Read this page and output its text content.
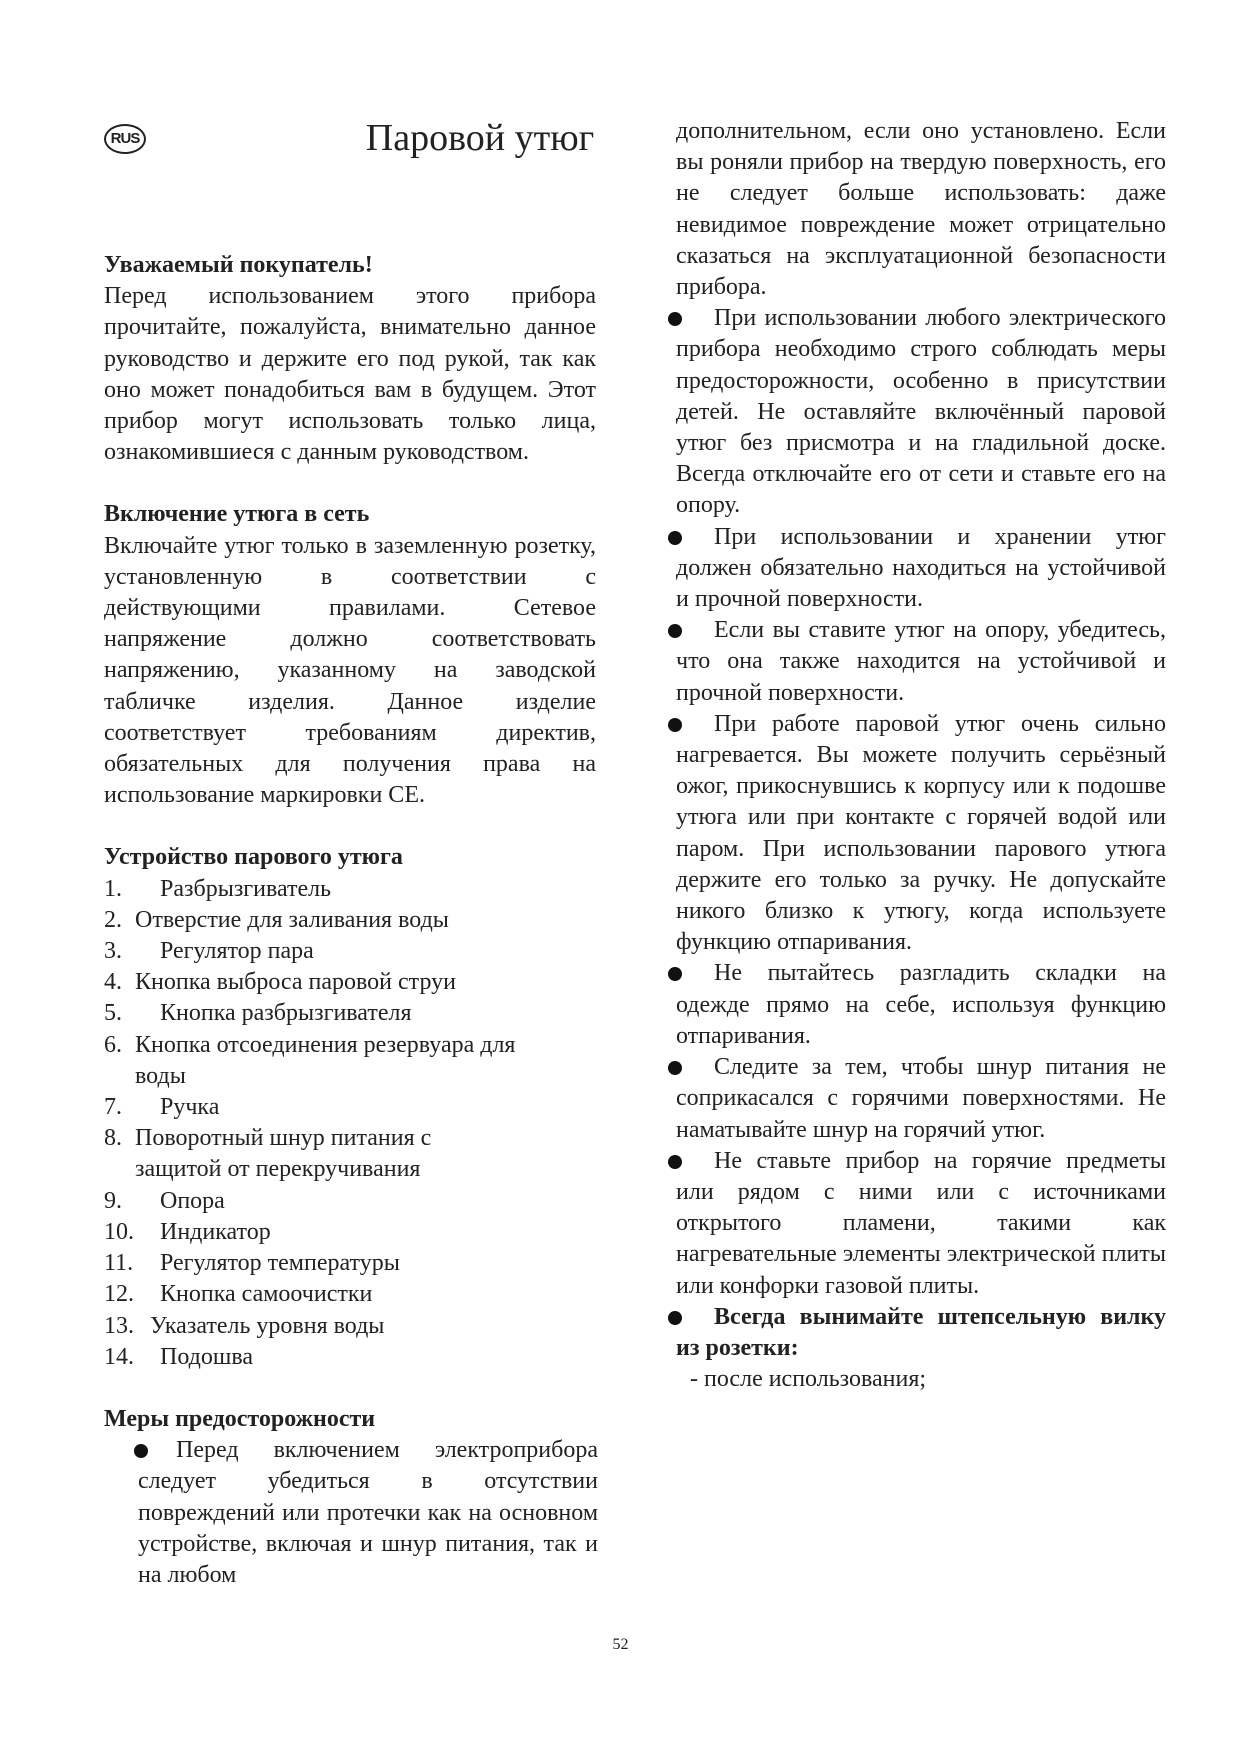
RUS	Паровой утюг

Уважаемый покупатель!

Перед использованием этого прибора прочитайте, пожалуйста, внимательно данное руководство и держите его под рукой, так как оно может понадобиться вам в будущем. Этот прибор могут использовать только лица, ознакомившиеся с данным руководством.

Включение утюга в сеть

Включайте утюг только в заземленную розетку, установленную в соответствии с действующими правилами. Сетевое напряжение должно соответствовать напряжению, указанному на заводской табличке изделия. Данное изделие соответствует требованиям директив, обязательных для получения права на использование маркировки CE.

Устройство парового утюга

1. Разбрызгиватель
2. Отверстие для заливания воды
3. Регулятор пара
4. Кнопка выброса паровой струи
5. Кнопка разбрызгивателя
6. Кнопка отсоединения резервуара для воды
7. Ручка
8. Поворотный шнур питания с защитой от перекручивания
9. Опора
10. Индикатор
11. Регулятор температуры
12. Кнопка самоочистки
13. Указатель уровня воды
14. Подошва

Меры предосторожности

Перед включением электроприбора следует убедиться в отсутствии повреждений или протечки как на основном устройстве, включая и шнур питания, так и на любом

дополнительном, если оно установлено. Если вы роняли прибор на твердую поверхность, его не следует больше использовать: даже невидимое повреждение может отрицательно сказаться на эксплуатационной безопасности прибора.

При использовании любого электрического прибора необходимо строго соблюдать меры предосторожности, особенно в присутствии детей. Не оставляйте включённый паровой утюг без присмотра и на гладильной доске. Всегда отключайте его от сети и ставьте его на опору.

При использовании и хранении утюг должен обязательно находиться на устойчивой и прочной поверхности.

Если вы ставите утюг на опору, убедитесь, что она также находится на устойчивой и прочной поверхности.

При работе паровой утюг очень сильно нагревается. Вы можете получить серьёзный ожог, прикоснувшись к корпусу или к подошве утюга или при контакте с горячей водой или паром. При использовании парового утюга держите его только за ручку. Не допускайте никого близко к утюгу, когда используете функцию отпаривания.

Не пытайтесь разгладить складки на одежде прямо на себе, используя функцию отпаривания.

Следите за тем, чтобы шнур питания не соприкасался с горячими поверхностями. Не наматывайте шнур на горячий утюг.

Не ставьте прибор на горячие предметы или рядом с ними или с источниками открытого пламени, такими как нагревательные элементы электрической плиты или конфорки газовой плиты.

Всегда вынимайте штепсельную вилку из розетки:

- после использования;

52
